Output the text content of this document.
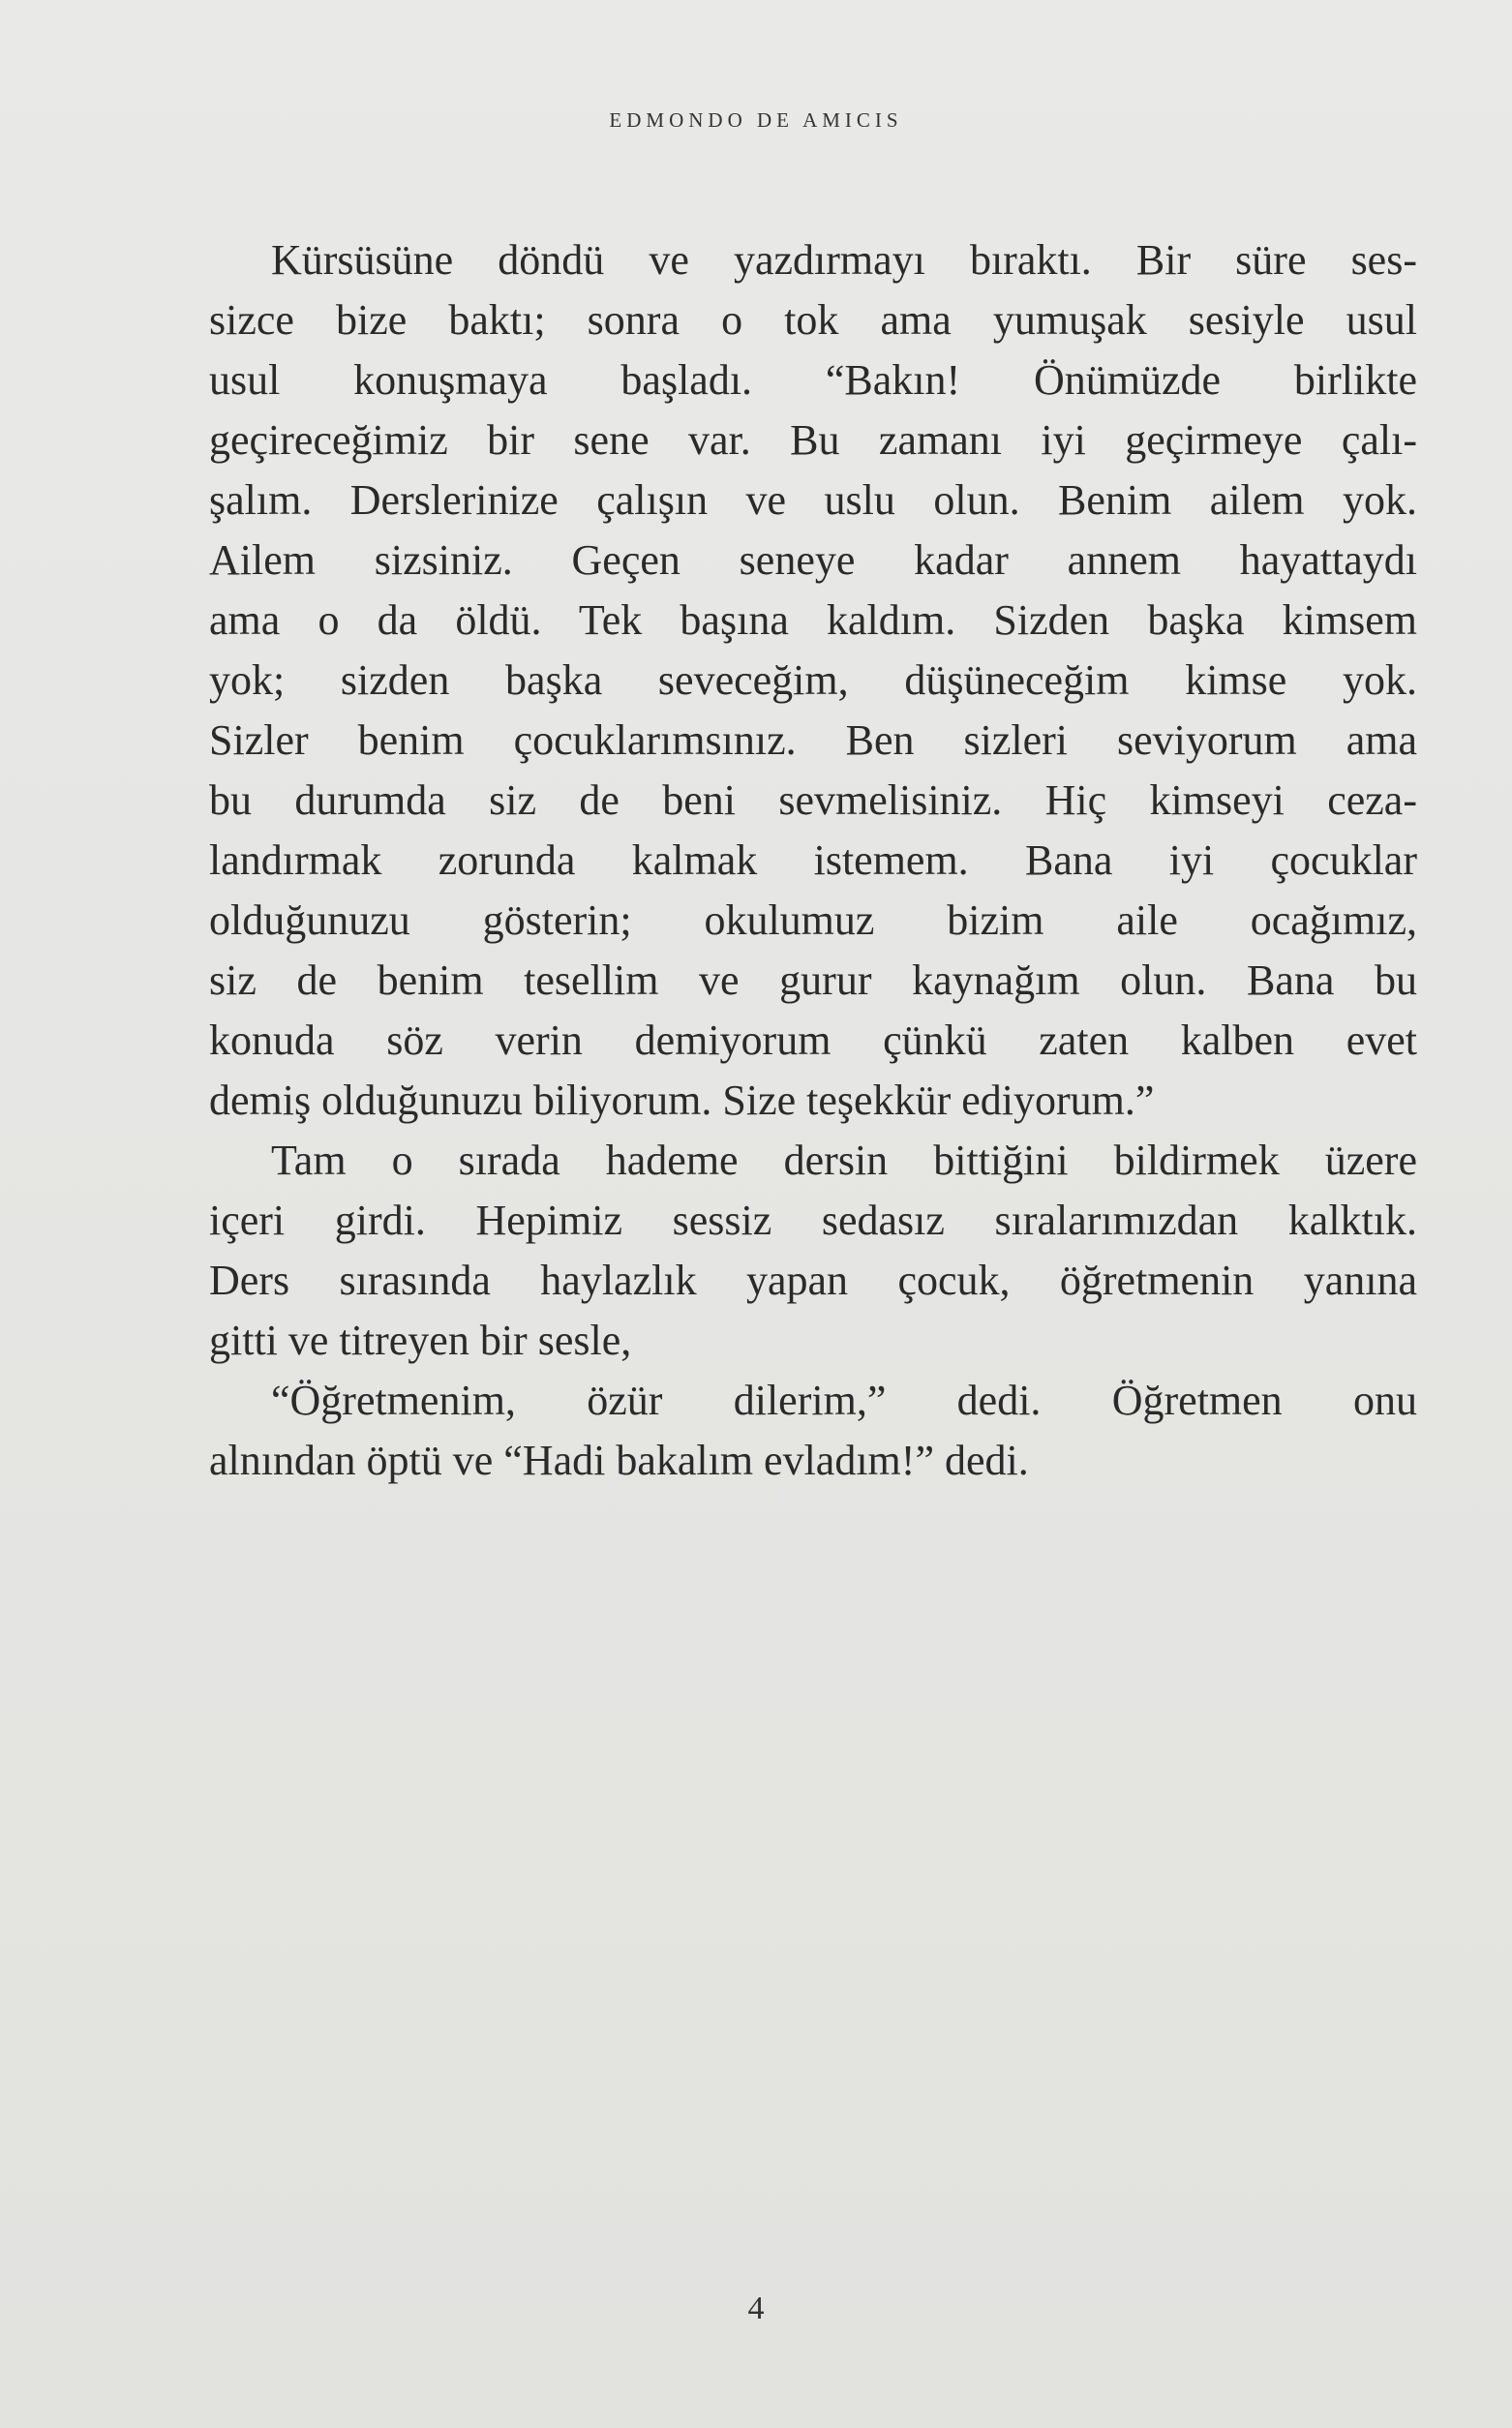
EDMONDO DE AMICIS
Kürsüsüne döndü ve yazdırmayı bıraktı. Bir süre ses-
sizce bize baktı; sonra o tok ama yumuşak sesiyle usul
usul konuşmaya başladı. “Bakın! Önümüzde birlikte
geçireceğimiz bir sene var. Bu zamanı iyi geçirmeye çalı-
şalım. Derslerinize çalışın ve uslu olun. Benim ailem yok.
Ailem sizsiniz. Geçen seneye kadar annem hayattaydı
ama o da öldü. Tek başına kaldım. Sizden başka kimsem
yok; sizden başka seveceğim, düşüneceğim kimse yok.
Sizler benim çocuklarımsınız. Ben sizleri seviyorum ama
bu durumda siz de beni sevmelisiniz. Hiç kimseyi ceza-
landırmak zorunda kalmak istemem. Bana iyi çocuklar
olduğunuzu gösterin; okulumuz bizim aile ocağımız,
siz de benim tesellim ve gurur kaynağım olun. Bana bu
konuda söz verin demiyorum çünkü zaten kalben evet
demiş olduğunuzu biliyorum. Size teşekkür ediyorum.”
Tam o sırada hademe dersin bittiğini bildirmek üzere
içeri girdi. Hepimiz sessiz sedasız sıralarımızdan kalktık.
Ders sırasında haylazlık yapan çocuk, öğretmenin yanına
gitti ve titreyen bir sesle,
“Öğretmenim, özür dilerim,” dedi. Öğretmen onu
alnından öptü ve “Hadi bakalım evladım!” dedi.
4
